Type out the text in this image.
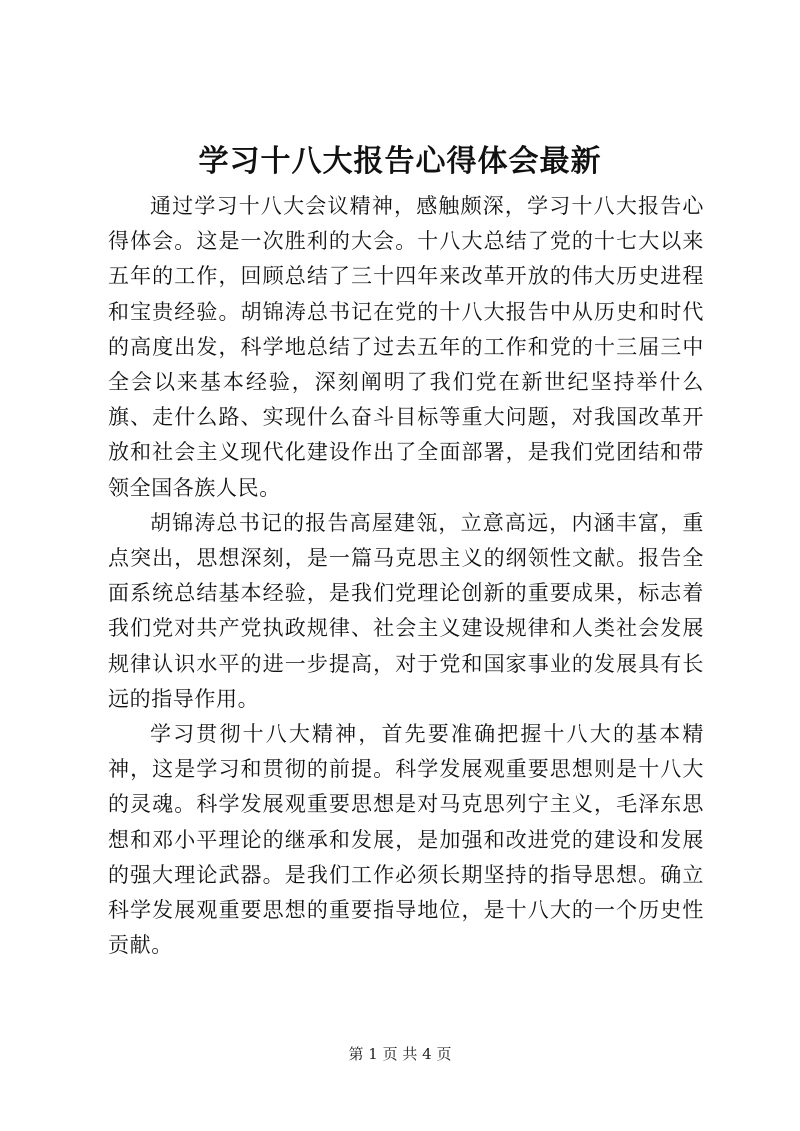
学习十八大报告心得体会最新

通过学习十八大会议精神，感触颇深，学习十八大报告心得体会。这是一次胜利的大会。十八大总结了党的十七大以来五年的工作，回顾总结了三十四年来改革开放的伟大历史进程和宝贵经验。胡锦涛总书记在党的十八大报告中从历史和时代的高度出发，科学地总结了过去五年的工作和党的十三届三中全会以来基本经验，深刻阐明了我们党在新世纪坚持举什么旗、走什么路、实现什么奋斗目标等重大问题，对我国改革开放和社会主义现代化建设作出了全面部署，是我们党团结和带领全国各族人民。

胡锦涛总书记的报告高屋建瓴，立意高远，内涵丰富，重点突出，思想深刻，是一篇马克思主义的纲领性文献。报告全面系统总结基本经验，是我们党理论创新的重要成果，标志着我们党对共产党执政规律、社会主义建设规律和人类社会发展规律认识水平的进一步提高，对于党和国家事业的发展具有长远的指导作用。

学习贯彻十八大精神，首先要准确把握十八大的基本精神，这是学习和贯彻的前提。科学发展观重要思想则是十八大的灵魂。科学发展观重要思想是对马克思列宁主义，毛泽东思想和邓小平理论的继承和发展，是加强和改进党的建设和发展的强大理论武器。是我们工作必须长期坚持的指导思想。确立科学发展观重要思想的重要指导地位，是十八大的一个历史性贡献。

第 1 页 共 4 页
